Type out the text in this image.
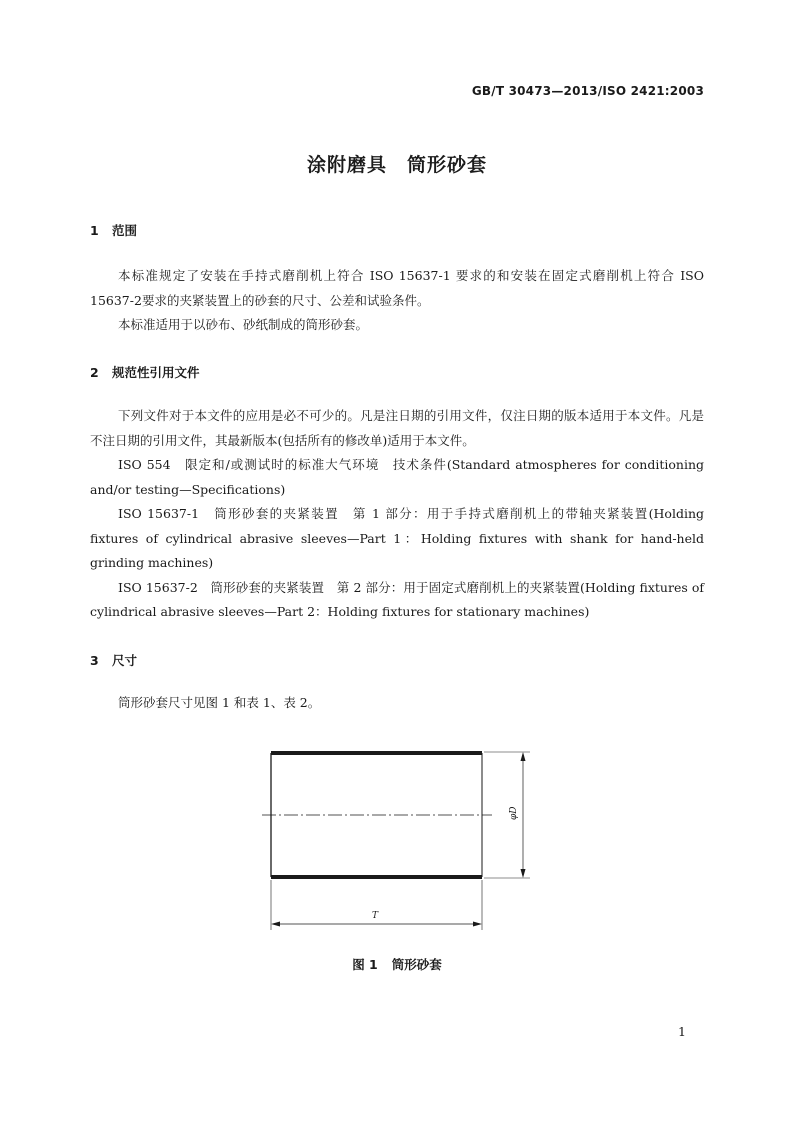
GB/T 30473—2013/ISO 2421:2003
涂附磨具　筒形砂套
1 范围

本标准规定了安装在手持式磨削机上符合 ISO 15637-1 要求的和安装在固定式磨削机上符合 ISO 15637-2要求的夹紧装置上的砂套的尺寸、公差和试验条件。

本标准适用于以砂布、砂纸制成的筒形砂套。

2 规范性引用文件

下列文件对于本文件的应用是必不可少的。凡是注日期的引用文件，仅注日期的版本适用于本文件。凡是不注日期的引用文件，其最新版本(包括所有的修改单)适用于本文件。

ISO 554　限定和/或测试时的标准大气环境　技术条件(Standard atmospheres for conditioning and/or testing—Specifications)

ISO 15637-1　筒形砂套的夹紧装置　第 1 部分：用于手持式磨削机上的带轴夹紧装置(Holding fixtures of cylindrical abrasive sleeves—Part 1：Holding fixtures with shank for hand-held grinding machines)

ISO 15637-2　筒形砂套的夹紧装置　第 2 部分：用于固定式磨削机上的夹紧装置(Holding fixtures of cylindrical abrasive sleeves—Part 2：Holding fixtures for stationary machines)

3 尺寸

筒形砂套尺寸见图 1 和表 1、表 2。

φD
T
图 1 筒形砂套
1
